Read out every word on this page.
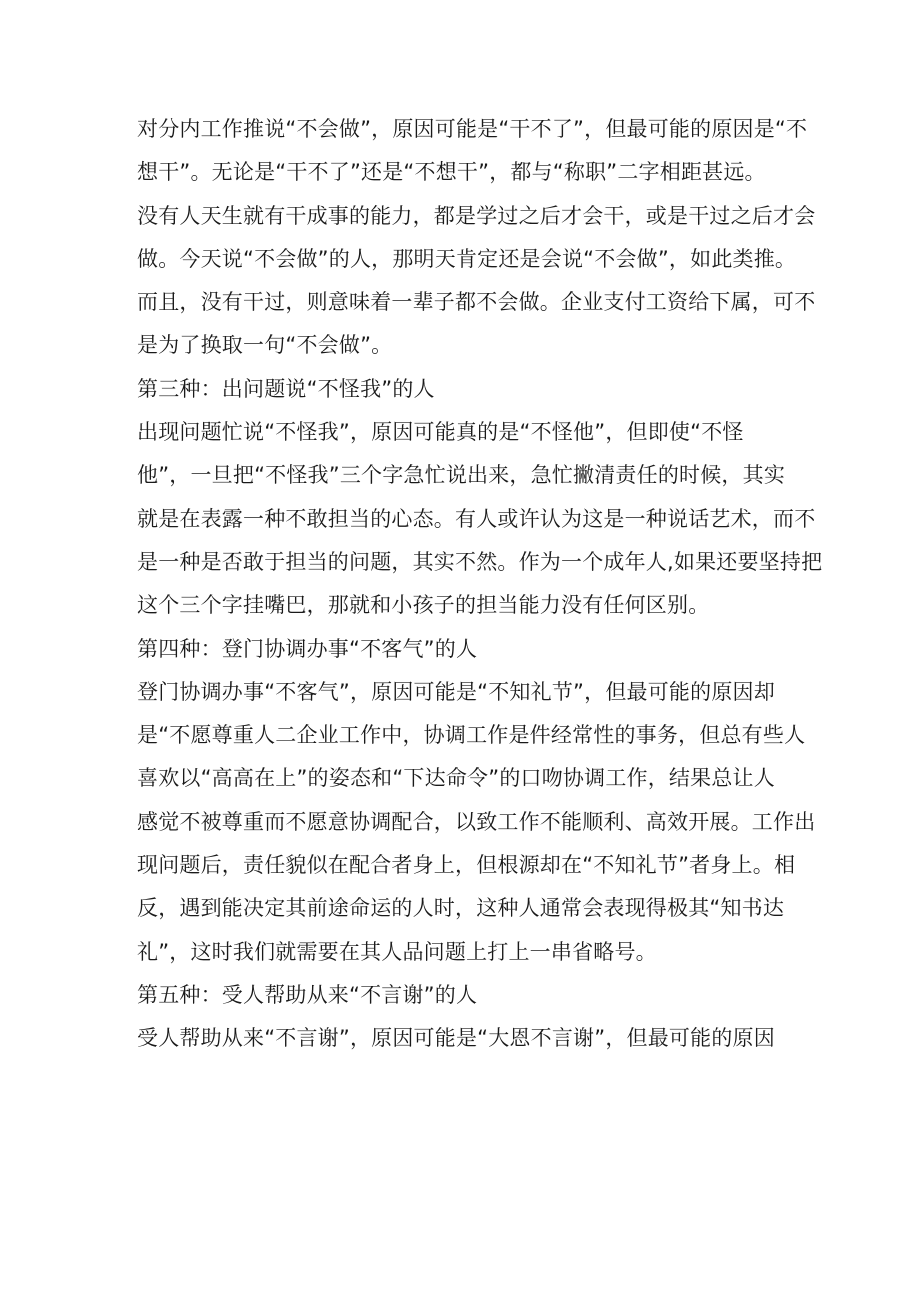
对分内工作推说“不会做”，原因可能是“干不了”，但最可能的原因是“不
想干”。无论是“干不了”还是“不想干”，都与“称职”二字相距甚远。
没有人天生就有干成事的能力，都是学过之后才会干，或是干过之后才会
做。今天说“不会做”的人，那明天肯定还是会说“不会做”，如此类推。
而且，没有干过，则意味着一辈子都不会做。企业支付工资给下属，可不
是为了换取一句“不会做”。
第三种：出问题说“不怪我”的人
出现问题忙说“不怪我”，原因可能真的是“不怪他”，但即使“不怪
他”，一旦把“不怪我”三个字急忙说出来，急忙撇清责任的时候，其实
就是在表露一种不敢担当的心态。有人或许认为这是一种说话艺术，而不
是一种是否敢于担当的问题，其实不然。作为一个成年人,如果还要坚持把
这个三个字挂嘴巴，那就和小孩子的担当能力没有任何区别。
第四种：登门协调办事“不客气”的人
登门协调办事“不客气”，原因可能是“不知礼节”，但最可能的原因却
是“不愿尊重人二企业工作中，协调工作是件经常性的事务，但总有些人
喜欢以“高高在上”的姿态和“下达命令”的口吻协调工作，结果总让人
感觉不被尊重而不愿意协调配合，以致工作不能顺利、高效开展。工作出
现问题后，责任貌似在配合者身上，但根源却在“不知礼节”者身上。相
反，遇到能决定其前途命运的人时，这种人通常会表现得极其“知书达
礼”，这时我们就需要在其人品问题上打上一串省略号。
第五种：受人帮助从来“不言谢”的人
受人帮助从来“不言谢”，原因可能是“大恩不言谢”，但最可能的原因
